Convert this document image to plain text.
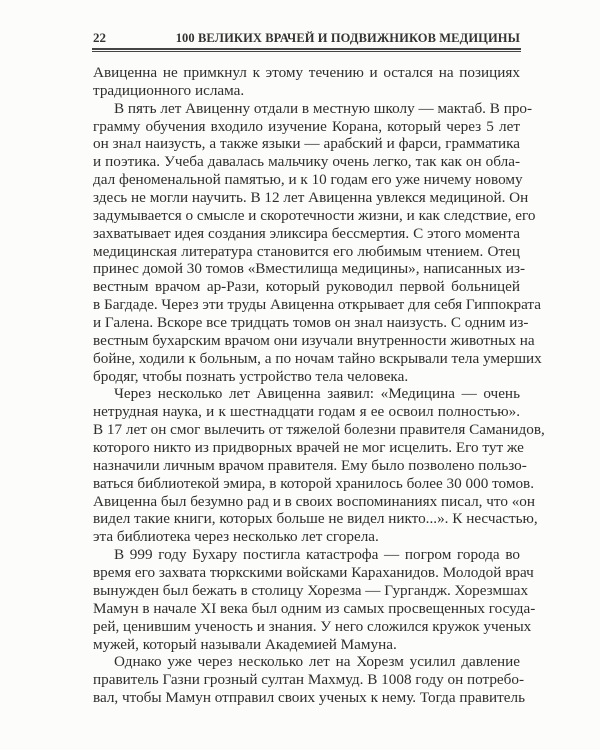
22	100 ВЕЛИКИХ ВРАЧЕЙ И ПОДВИЖНИКОВ МЕДИЦИНЫ
Авиценна не примкнул к этому течению и остался на позициях
традиционного ислама.
В пять лет Авиценну отдали в местную школу — мактаб. В про-
грамму обучения входило изучение Корана, который через 5 лет
он знал наизусть, а также языки — арабский и фарси, грамматика
и поэтика. Учеба давалась мальчику очень легко, так как он обла-
дал феноменальной памятью, и к 10 годам его уже ничему новому
здесь не могли научить. В 12 лет Авиценна увлекся медициной. Он
задумывается о смысле и скоротечности жизни, и как следствие, его
захватывает идея создания эликсира бессмертия. С этого момента
медицинская литература становится его любимым чтением. Отец
принес домой 30 томов «Вместилища медицины», написанных из-
вестным врачом ар-Рази, который руководил первой больницей
в Багдаде. Через эти труды Авиценна открывает для себя Гиппократа
и Галена. Вскоре все тридцать томов он знал наизусть. С одним из-
вестным бухарским врачом они изучали внутренности животных на
бойне, ходили к больным, а по ночам тайно вскрывали тела умерших
бродяг, чтобы познать устройство тела человека.
Через несколько лет Авиценна заявил: «Медицина — очень
нетрудная наука, и к шестнадцати годам я ее освоил полностью».
В 17 лет он смог вылечить от тяжелой болезни правителя Саманидов,
которого никто из придворных врачей не мог исцелить. Его тут же
назначили личным врачом правителя. Ему было позволено пользо-
ваться библиотекой эмира, в которой хранилось более 30 000 томов.
Авиценна был безумно рад и в своих воспоминаниях писал, что «он
видел такие книги, которых больше не видел никто...». К несчастью,
эта библиотека через несколько лет сгорела.
В 999 году Бухару постигла катастрофа — погром города во
время его захвата тюркскими войсками Караханидов. Молодой врач
вынужден был бежать в столицу Хорезма — Гургандж. Хорезмшах
Мамун в начале XI века был одним из самых просвещенных госуда-
рей, ценившим ученость и знания. У него сложился кружок ученых
мужей, который называли Академией Мамуна.
Однако уже через несколько лет на Хорезм усилил давление
правитель Газни грозный султан Махмуд. В 1008 году он потребо-
вал, чтобы Мамун отправил своих ученых к нему. Тогда правитель
